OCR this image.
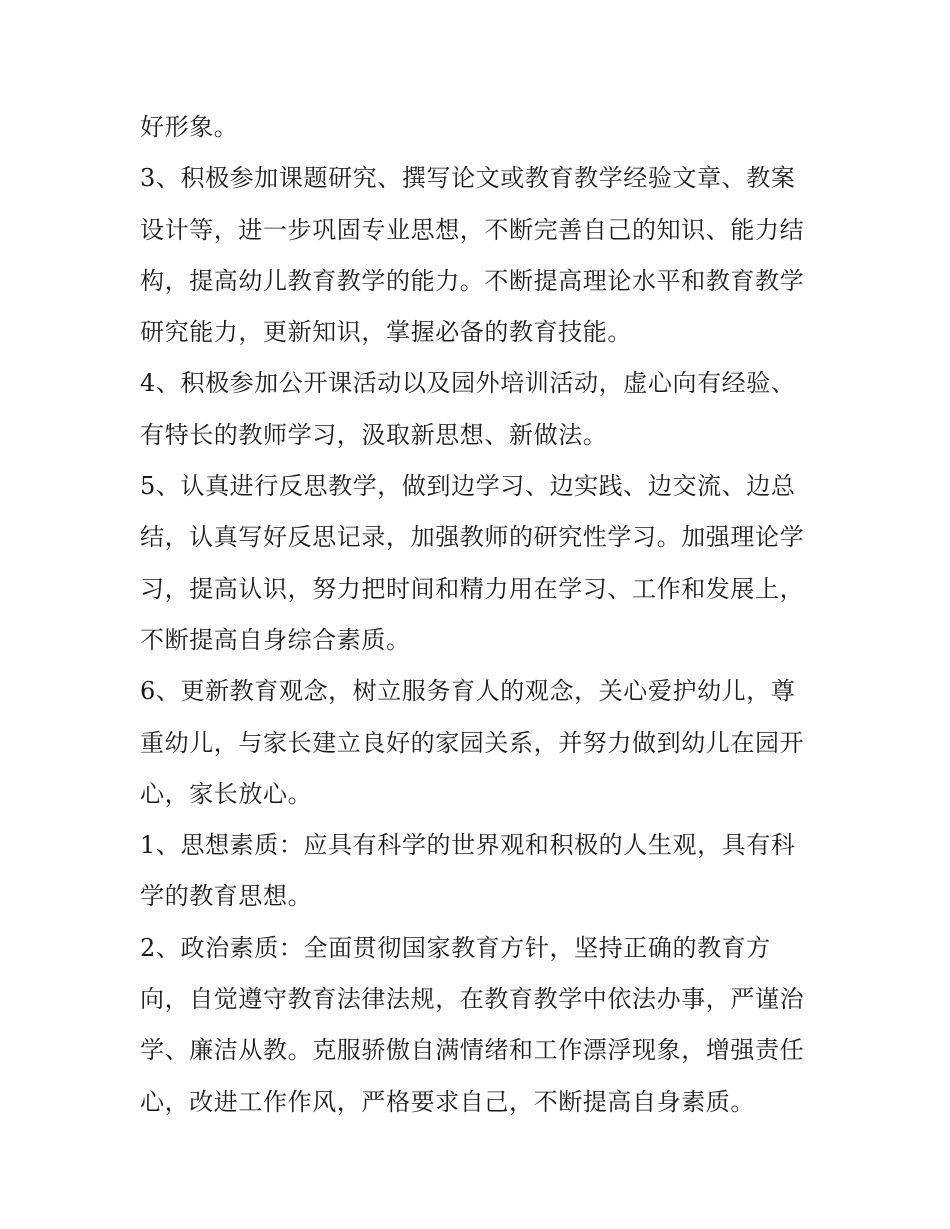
好形象。
3、积极参加课题研究、撰写论文或教育教学经验文章、教案
设计等，进一步巩固专业思想，不断完善自己的知识、能力结
构，提高幼儿教育教学的能力。不断提高理论水平和教育教学
研究能力，更新知识，掌握必备的教育技能。
4、积极参加公开课活动以及园外培训活动，虚心向有经验、
有特长的教师学习，汲取新思想、新做法。
5、认真进行反思教学，做到边学习、边实践、边交流、边总
结，认真写好反思记录，加强教师的研究性学习。加强理论学
习，提高认识，努力把时间和精力用在学习、工作和发展上，
不断提高自身综合素质。
6、更新教育观念，树立服务育人的观念，关心爱护幼儿，尊
重幼儿，与家长建立良好的家园关系，并努力做到幼儿在园开
心，家长放心。
1、思想素质：应具有科学的世界观和积极的人生观，具有科
学的教育思想。
2、政治素质：全面贯彻国家教育方针，坚持正确的教育方
向，自觉遵守教育法律法规，在教育教学中依法办事，严谨治
学、廉洁从教。克服骄傲自满情绪和工作漂浮现象，增强责任
心，改进工作作风，严格要求自己，不断提高自身素质。
